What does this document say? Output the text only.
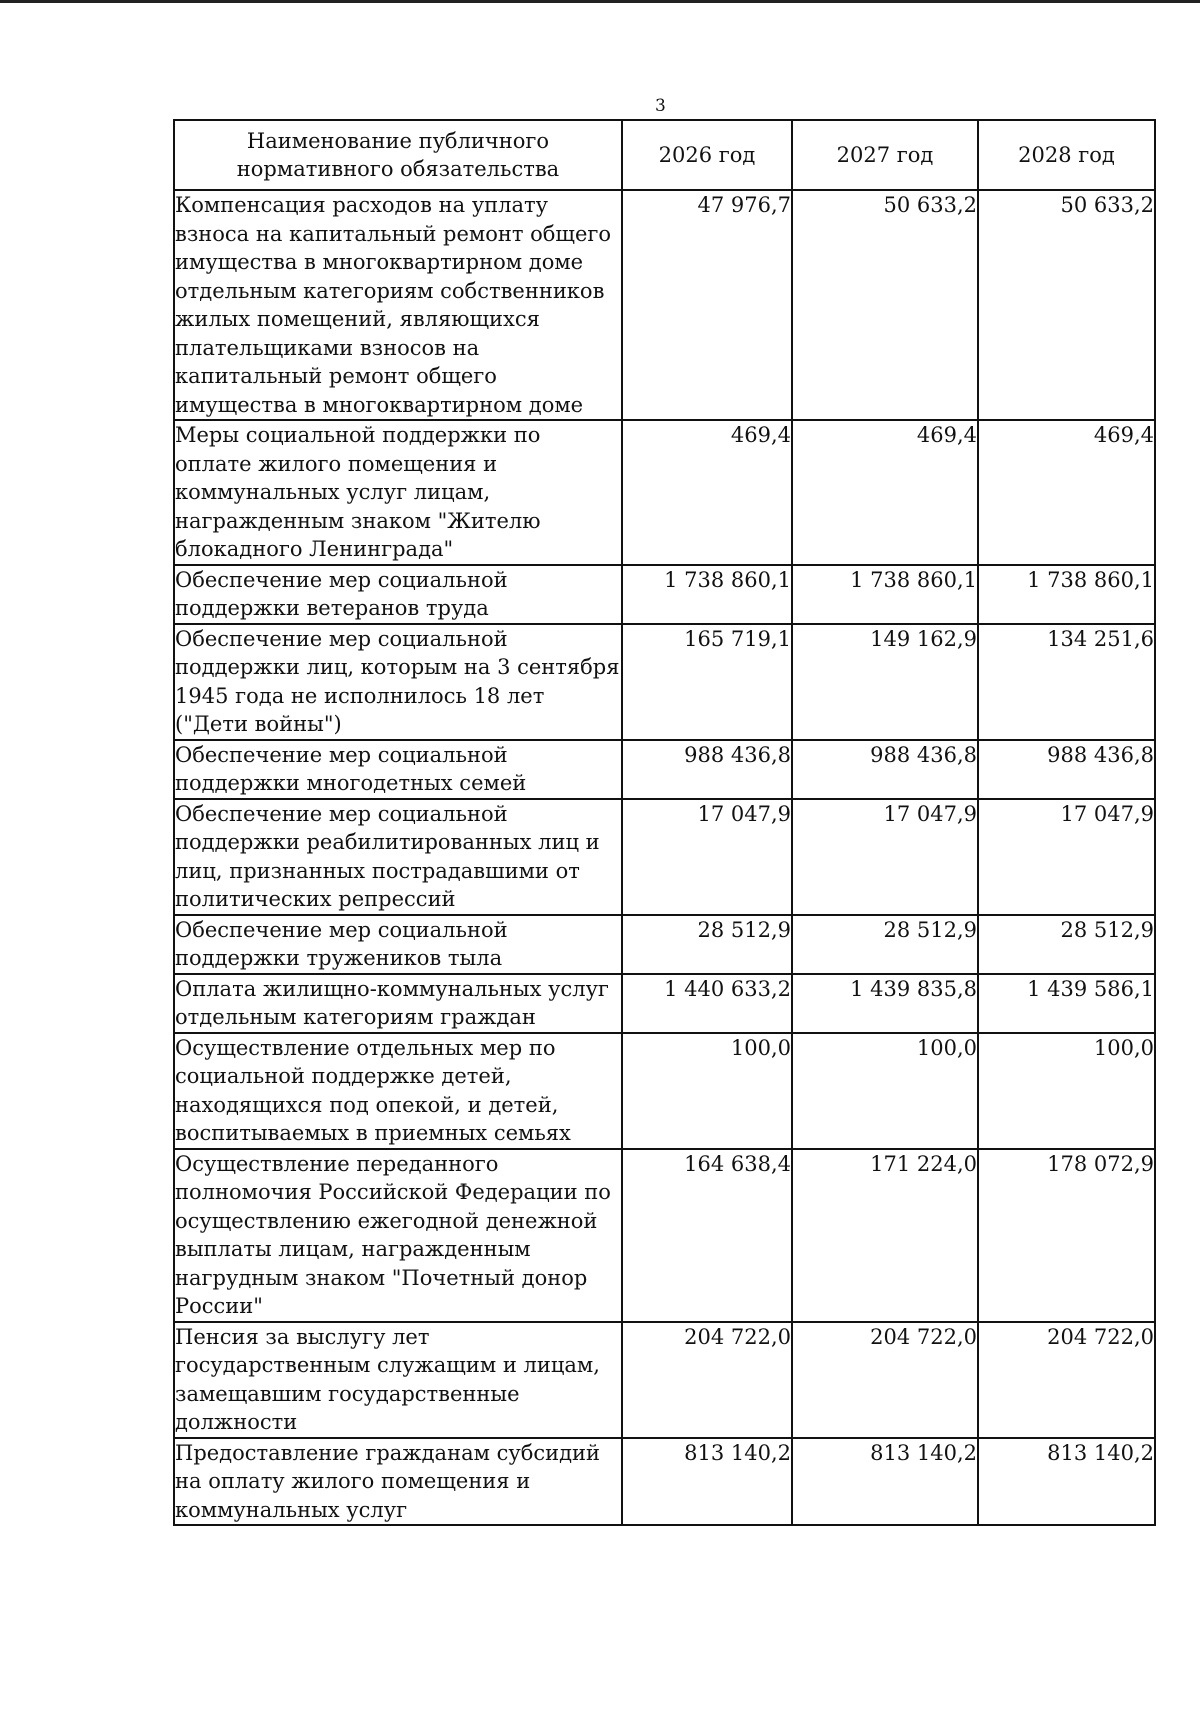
3
Наименование публичного нормативного обязательства	2026 год	2027 год	2028 год
Компенсация расходов на уплату взноса на капитальный ремонт общего имущества в многоквартирном доме отдельным категориям собственников жилых помещений, являющихся плательщиками взносов на капитальный ремонт общего имущества в многоквартирном доме	47 976,7	50 633,2	50 633,2
Меры социальной поддержки по оплате жилого помещения и коммунальных услуг лицам, награжденным знаком "Жителю блокадного Ленинграда"	469,4	469,4	469,4
Обеспечение мер социальной поддержки ветеранов труда	1 738 860,1	1 738 860,1	1 738 860,1
Обеспечение мер социальной поддержки лиц, которым на 3 сентября 1945 года не исполнилось 18 лет ("Дети войны")	165 719,1	149 162,9	134 251,6
Обеспечение мер социальной поддержки многодетных семей	988 436,8	988 436,8	988 436,8
Обеспечение мер социальной поддержки реабилитированных лиц и лиц, признанных пострадавшими от политических репрессий	17 047,9	17 047,9	17 047,9
Обеспечение мер социальной поддержки тружеников тыла	28 512,9	28 512,9	28 512,9
Оплата жилищно-коммунальных услуг отдельным категориям граждан	1 440 633,2	1 439 835,8	1 439 586,1
Осуществление отдельных мер по социальной поддержке детей, находящихся под опекой, и детей, воспитываемых в приемных семьях	100,0	100,0	100,0
Осуществление переданного полномочия Российской Федерации по осуществлению ежегодной денежной выплаты лицам, награжденным нагрудным знаком "Почетный донор России"	164 638,4	171 224,0	178 072,9
Пенсия за выслугу лет государственным служащим и лицам, замещавшим государственные должности	204 722,0	204 722,0	204 722,0
Предоставление гражданам субсидий на оплату жилого помещения и коммунальных услуг	813 140,2	813 140,2	813 140,2
